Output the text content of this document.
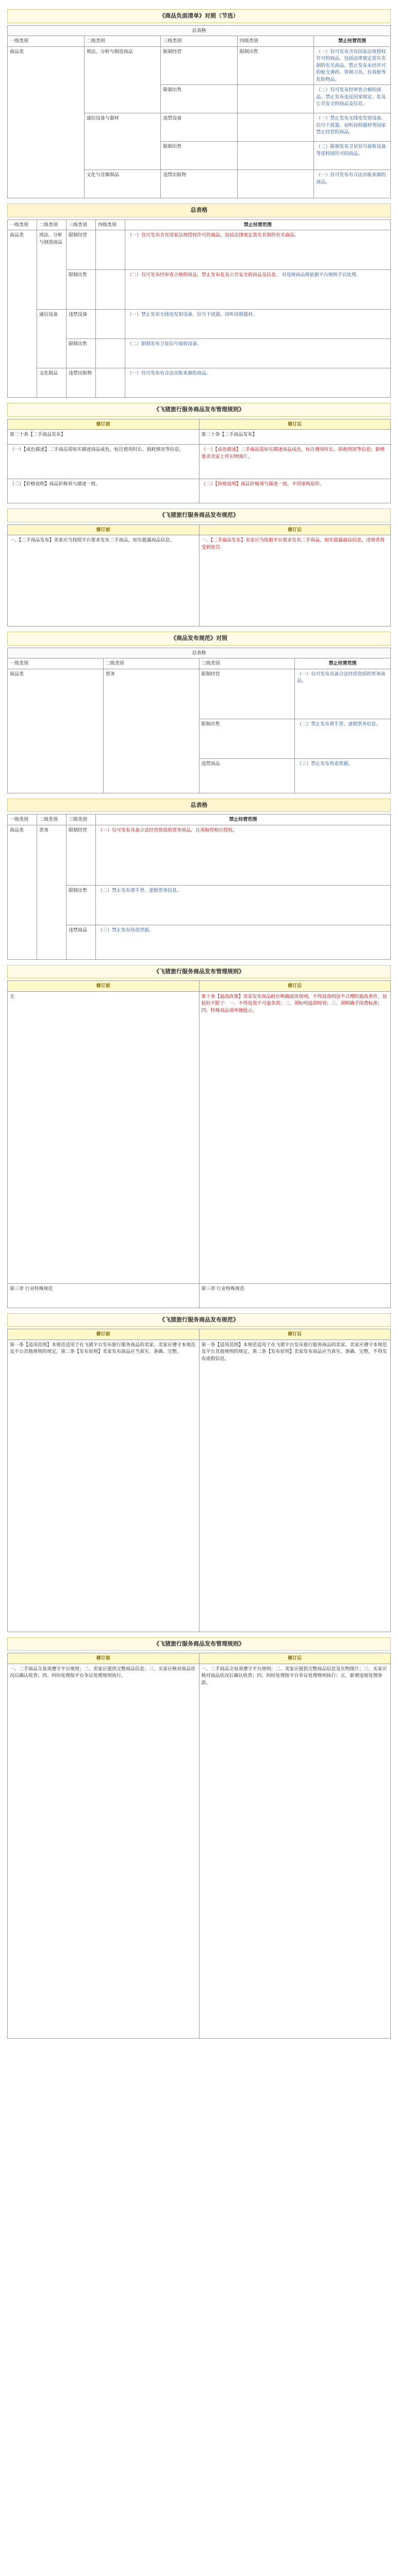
《商品负面清单》对照（节选）
总表格				
一级类别	二级类别	三级类别	四级类别	禁止经营范围
商品类	刑法、分析与制造商品	限制经营	限制出售	（一）仅可发布含有国家法规授权许可的商品，包括法律规定需实名制的有关商品。禁止发布未经许可的枪支弹药、管制刀具、仿真枪等危险物品。
		限制出售		（二）仅可发布经审查合格的商品。禁止发布违反国家规定、危及公共安全的商品及信息。
	通信设备与器材	违禁设备		（一）禁止发布无线电发射设备、信号干扰器、窃听窃照器材等国家禁止经营的商品。
		限制出售		（二）限制发布卫星信号接收设备等需特别许可的商品。
	文化与音像制品	违禁出版物		（一）仅可发布有合法出版来源的商品。
总表格
一级类别	二级类别	三级类别	四级类别	禁止经营范围
商品类	刑法、分析与制造商品	限制经营		（一）仅可发布含有国家法规授权许可的商品，包括法律规定需实名制的有关商品。
		限制出售		（二）仅可发布经审查合格的商品，禁止发布危及公共安全的商品及信息。 对违规商品将依据平台规则予以处理。
	通信设备	违禁设备		（一）禁止发布无线电发射设备、信号干扰器、窃听窃照器材。
		限制出售		（二）限制发布卫星信号接收设备。
	文化制品	违禁出版物		（一）仅可发布有合法出版来源的商品。
《飞猪旅行服务商品发布管理规则》
修订前	修订后
第二十条【二手商品发布】	第二十条【二手商品发布】
（一）【成色描述】二手商品需如实描述商品成色，标注使用时长、损耗情况等信息。	（一）【成色描述】二手商品需如实描述商品成色，标注使用时长、损耗情况等信息；新增要求卖家上传实物图片。
（二）【价格说明】商品价格须与描述一致。	（二）【价格说明】商品价格须与描述一致，不得虚构原价。
《飞猪旅行服务商品发布规范》
修订前	修订后
一、【二手商品发布】卖家应当按照平台要求发布二手商品，如实披露商品信息。	一、【二手商品发布】卖家应当按照平台要求发布二手商品，如实披露商品信息，违规者将受到处罚。
《商品发布规范》对照
总表格			
一级类别	二级类别	三级类别	禁止经营范围
商品类	票务	限制经营	（一）仅可发布具备合法经营资质的票务商品。
		限制出售	（二）禁止发布黄牛票、虚假票务信息。
		违禁商品	（三）禁止发布伪造票据。
总表格
一级类别	二级类别	三级类别	禁止经营范围
商品类	票务	限制经营	（一）仅可发布具备合法经营资质的票务商品，且须取得相应授权。
		限制出售	（二）禁止发布黄牛票、虚假票务信息。
		违禁商品	（三）禁止发布伪造票据。
《飞猪旅行服务商品发布管理规则》
修订前	修订后
无	第十条【退改政策】卖家发布商品时应明确退改规则，不得设置明显不合理的退改条件，包括但不限于：一、不得设置不可退条款；二、须标明退款时效；三、须明确手续费标准；四、特殊商品须单独提示。
第三章 行业特殊规范	第三章 行业特殊规范
《飞猪旅行服务商品发布规范》
修订前	修订后
第一条【适用范围】本规范适用于在飞猪平台发布旅行服务商品的卖家。卖家应遵守本规范及平台其他规则的规定。第二条【发布原则】卖家发布商品应当真实、准确、完整。	第一条【适用范围】本规范适用于在飞猪平台发布旅行服务商品的卖家。卖家应遵守本规范及平台其他规则的规定。第二条【发布原则】卖家发布商品应当真实、准确、完整，不得发布虚假信息。
《飞猪旅行服务商品发布管理规则》
修订前	修订后
一、二手商品交易须遵守平台规则；二、卖家应提供完整商品信息；三、买家应核对商品状况后确认收货；四、纠纷处理按平台争议处理规则执行。	一、二手商品交易须遵守平台规则；二、卖家应提供完整商品信息及实物图片；三、买家应核对商品状况后确认收货；四、纠纷处理按平台争议处理规则执行；五、新增违规处理条款。
